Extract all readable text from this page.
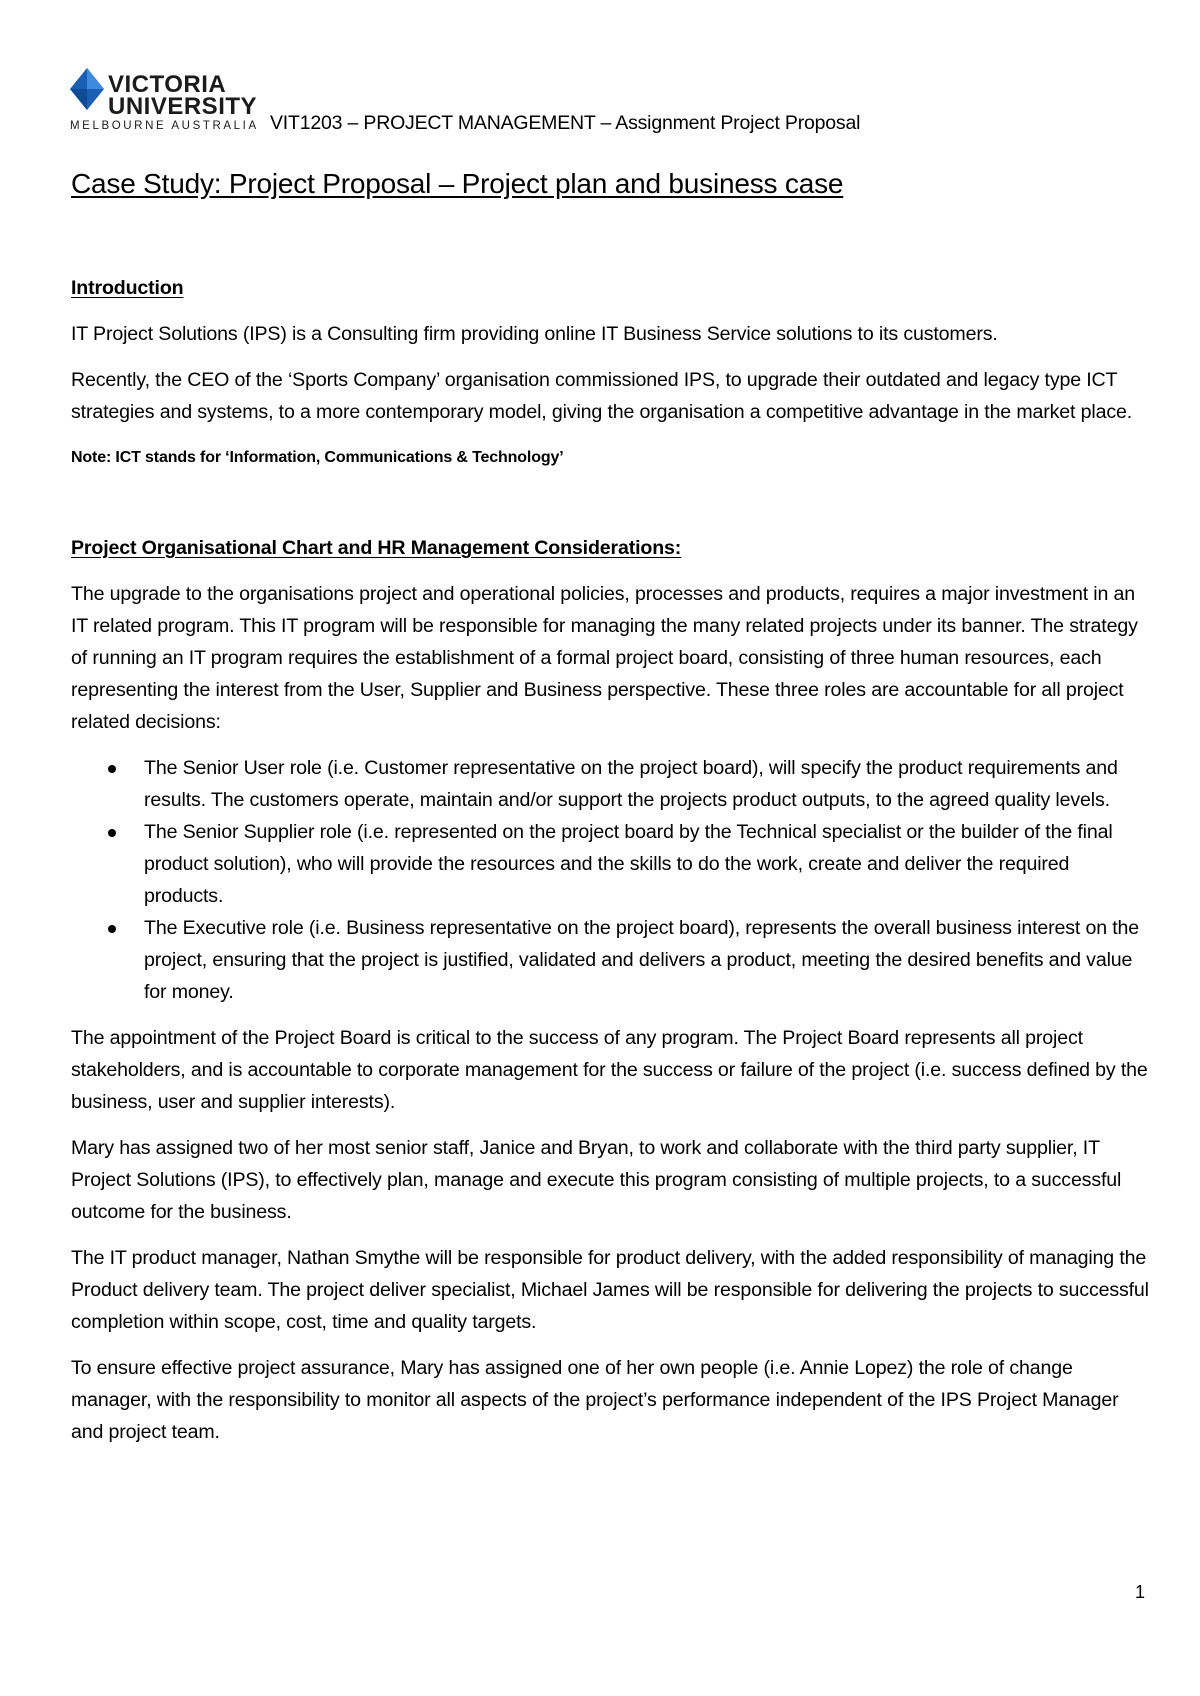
VICTORIA
UNIVERSITY
MELBOURNE AUSTRALIA VIT1203 – PROJECT MANAGEMENT – Assignment Project Proposal
Case Study: Project Proposal – Project plan and business case
Introduction

IT Project Solutions (IPS) is a Consulting firm providing online IT Business Service solutions to its customers.

Recently, the CEO of the ‘Sports Company’ organisation commissioned IPS, to upgrade their outdated and legacy type ICT strategies and systems, to a more contemporary model, giving the organisation a competitive advantage in the market place.

Note: ICT stands for ‘Information, Communications & Technology’

Project Organisational Chart and HR Management Considerations:

The upgrade to the organisations project and operational policies, processes and products, requires a major investment in an IT related program. This IT program will be responsible for managing the many related projects under its banner. The strategy of running an IT program requires the establishment of a formal project board, consisting of three human resources, each representing the interest from the User, Supplier and Business perspective. These three roles are accountable for all project related decisions:

The Senior User role (i.e. Customer representative on the project board), will specify the product requirements and results. The customers operate, maintain and/or support the projects product outputs, to the agreed quality levels.
The Senior Supplier role (i.e. represented on the project board by the Technical specialist or the builder of the final product solution), who will provide the resources and the skills to do the work, create and deliver the required products.
The Executive role (i.e. Business representative on the project board), represents the overall business interest on the project, ensuring that the project is justified, validated and delivers a product, meeting the desired benefits and value for money.

The appointment of the Project Board is critical to the success of any program. The Project Board represents all project stakeholders, and is accountable to corporate management for the success or failure of the project (i.e. success defined by the business, user and supplier interests).

Mary has assigned two of her most senior staff, Janice and Bryan, to work and collaborate with the third party supplier, IT Project Solutions (IPS), to effectively plan, manage and execute this program consisting of multiple projects, to a successful outcome for the business.

The IT product manager, Nathan Smythe will be responsible for product delivery, with the added responsibility of managing the Product delivery team. The project deliver specialist, Michael James will be responsible for delivering the projects to successful completion within scope, cost, time and quality targets.

To ensure effective project assurance, Mary has assigned one of her own people (i.e. Annie Lopez) the role of change manager, with the responsibility to monitor all aspects of the project’s performance independent of the IPS Project Manager and project team.

1
